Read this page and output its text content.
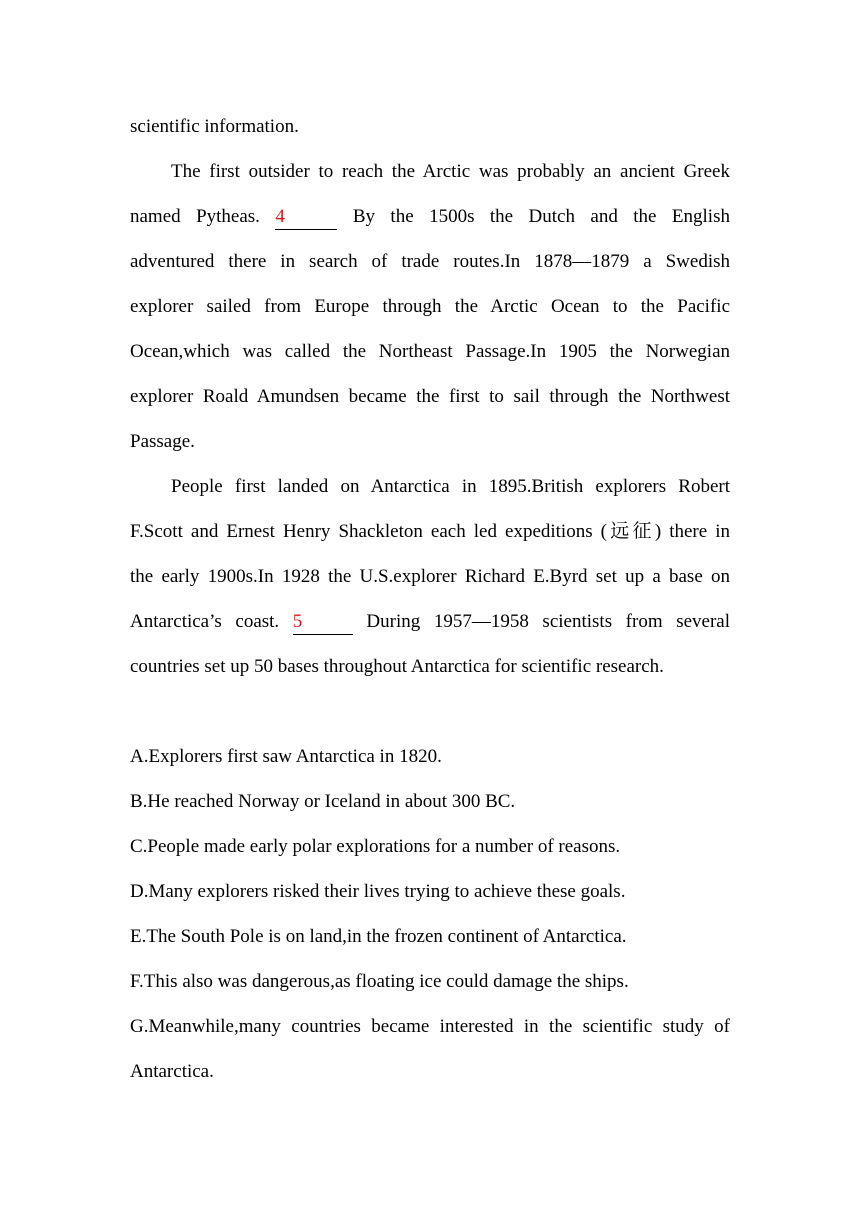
scientific information.
The first outsider to reach the Arctic was probably an ancient Greek
named Pytheas. 4	By the 1500s the Dutch and the English
adventured there in search of trade routes.In 1878—1879 a Swedish
explorer sailed from Europe through the Arctic Ocean to the Pacific
Ocean,which was called the Northeast Passage.In 1905 the Norwegian
explorer Roald Amundsen became the first to sail through the Northwest
Passage.
People first landed on Antarctica in 1895.British explorers Robert
F.Scott and Ernest Henry Shackleton each led expeditions (远征) there in
the early 1900s.In 1928 the U.S.explorer Richard E.Byrd set up a base on
Antarctica’s coast. 5	During 1957—1958 scientists from several
countries set up 50 bases throughout Antarctica for scientific research.
A.Explorers first saw Antarctica in 1820.
B.He reached Norway or Iceland in about 300 BC.
C.People made early polar explorations for a number of reasons.
D.Many explorers risked their lives trying to achieve these goals.
E.The South Pole is on land,in the frozen continent of Antarctica.
F.This also was dangerous,as floating ice could damage the ships.
G.Meanwhile,many countries became interested in the scientific study of
Antarctica.
